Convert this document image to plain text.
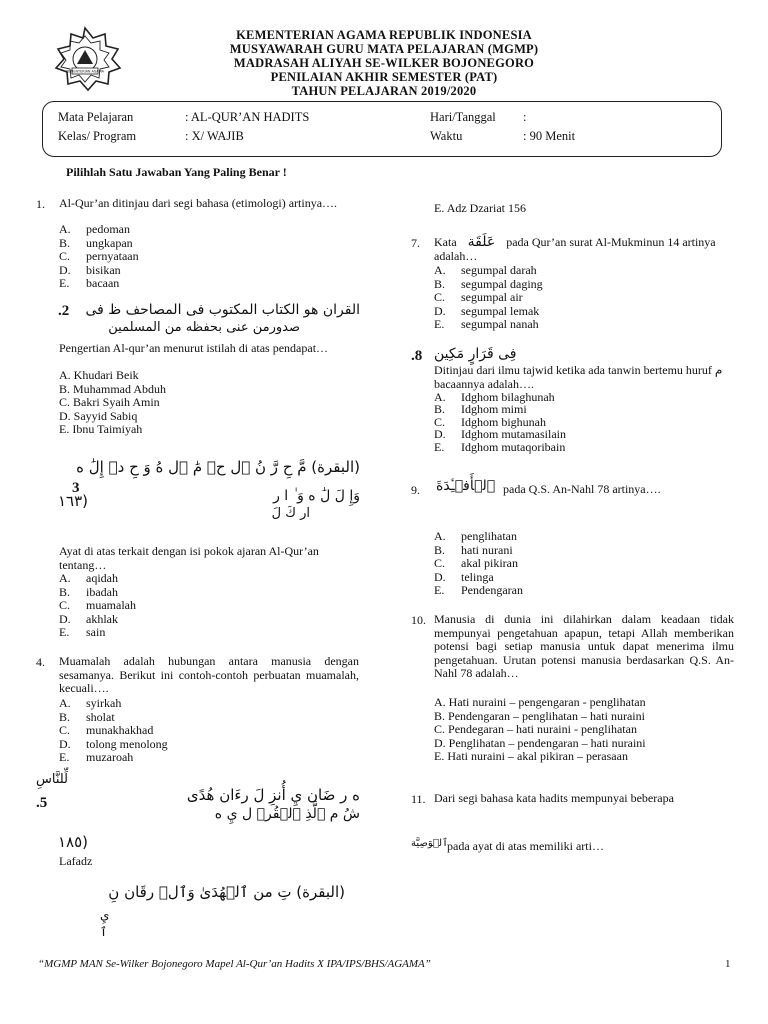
KEMENTERIAN AGAMA
KEMENTERIAN AGAMA REPUBLIK INDONESIA
MUSYAWARAH GURU MATA PELAJARAN (MGMP)
MADRASAH ALIYAH SE-WILKER BOJONEGORO
PENILAIAN AKHIR SEMESTER (PAT)
TAHUN PELAJARAN 2019/2020
Mata Pelajaran	: AL-QUR’AN HADITS
Kelas/ Program	: X/ WAJIB
Hari/Tanggal :
Waktu	: 90 Menit
Pilihlah Satu Jawaban Yang Paling Benar !
1. Al-Qur’an ditinjau dari segi bahasa (etimologi) artinya….
A. pedoman
B. ungkapan
C. pernyataan
D. bisikan
E. bacaan
القران هو الكتاب المكتوب فى المصاحف ظ فى
.2
صدورمن عنى بحفظه من المسلمين
Pengertian Al-qur’an menurut istilah di atas pendapat…
A. Khudari Beik
B. Muhammad Abduh
C. Bakri Syaih Amin
D. Sayyid Sabiq
E. Ibnu Taimiyah
(البقرة) مَّ حِ رَّ نُ ٱل حۡ مَٰ ٱل هُ وَ حِ دٞ إِلَٰ ه
3
(١٦٣	وَإِ لَ لَٰ ه وَ ٰ ا ر
ار كَ لَ
Ayat di atas terkait dengan isi pokok ajaran Al-Qur’an tentang…
A. aqidah
B. ibadah
C. muamalah
D. akhlak
E. sain
4. Muamalah adalah hubungan antara manusia dengan sesamanya. Berikut ini contoh-contoh perbuatan muamalah, kecuali….
A. syirkah
B. sholat
C. munakhakhad
D. tolong menolong
E. muzaroah
لِّلنَّاسِ
.5	ه ر ضَان يِ أُنزِ لَ رءَان هُدًى
شُ م ٱلَّذِ ٱلۡقُرۡ ل يِ ه
(١٨٥
Lafadz
(البقرة) تِ من ٱلۡهُدَىٰ وَٱلۡ رقَان نِ
يِ
ٱ
E. Adz Dzariat 156
7. Kata عَلَقَة pada Qur’an surat Al-Mukminun 14 artinya adalah…
A. segumpal darah
B. segumpal daging
C. segumpal air
D. segumpal lemak
E. segumpal nanah
.8 فِى قَرَارٍ مَكِين
Ditinjau dari ilmu tajwid ketika ada tanwin bertemu huruf م bacaannya adalah….
A. Idghom bilaghunah
B. Idghom mimi
C. Idghom bighunah
D. Idghom mutamasilain
E. Idghom mutaqoribain
9. ٱلۡأَفۡـِٔدَةَ pada Q.S. An-Nahl 78 artinya….
A. penglihatan
B. hati nurani
C. akal pikiran
D. telinga
E. Pendengaran
10. Manusia di dunia ini dilahirkan dalam keadaan tidak mempunyai pengetahuan apapun, tetapi Allah memberikan potensi bagi setiap manusia untuk dapat menerima ilmu pengetahuan. Urutan potensi manusia berdasarkan Q.S. An-Nahl 78 adalah…
A. Hati nuraini – pengengaran - penglihatan
B. Pendengaran – penglihatan – hati nuraini
C. Pendegaran – hati nuraini - penglihatan
D. Penglihatan – pendengaran – hati nuraini
E. Hati nuraini – akal pikiran – perasaan
11. Dari segi bahasa kata hadits mempunyai beberapa
ٱلۡوَصِيَّة pada ayat di atas memiliki arti…
“MGMP MAN Se-Wilker Bojonegoro Mapel Al-Qur’an Hadits X IPA/IPS/BHS/AGAMA”	1
